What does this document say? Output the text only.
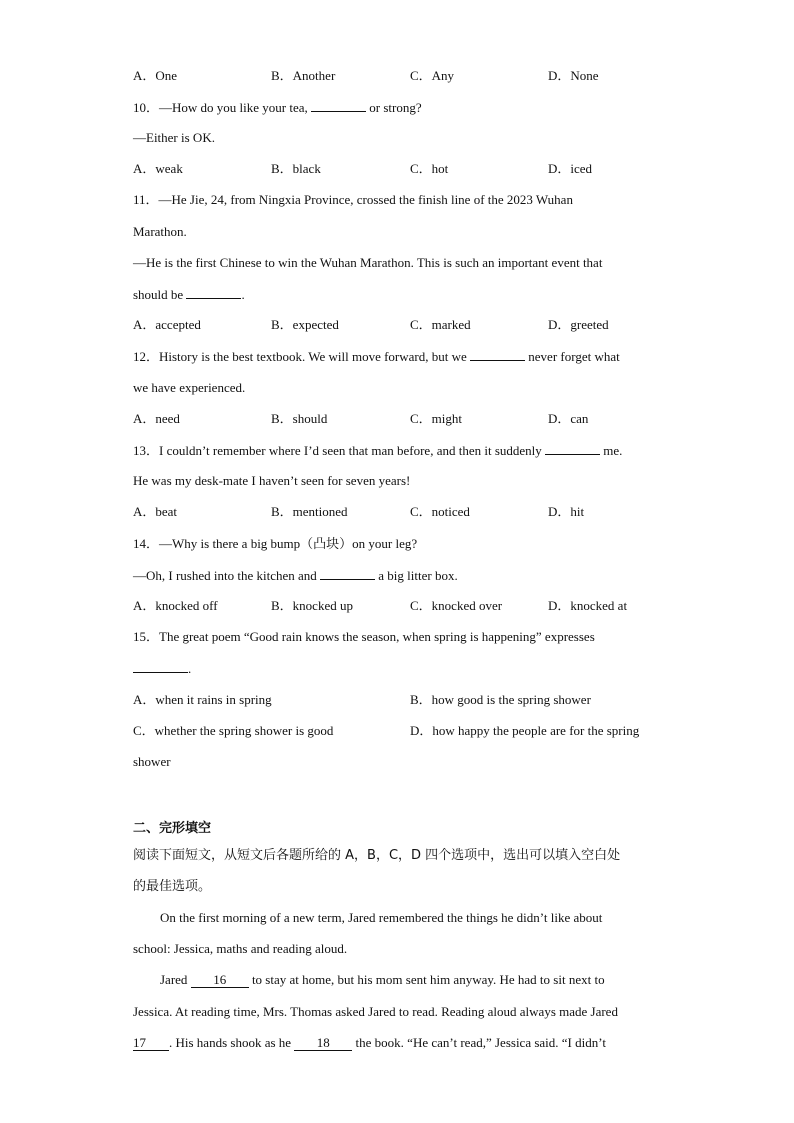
A．One	B．Another	C．Any	D．None
10．—How do you like your tea,	or strong?
—Either is OK.
A．weak	B．black	C．hot	D．iced
11．—He Jie, 24, from Ningxia Province, crossed the finish line of the 2023 Wuhan
Marathon.
—He is the first Chinese to win the Wuhan Marathon. This is such an important event that
should be	.
A．accepted	B．expected	C．marked	D．greeted
12．History is the best textbook. We will move forward, but we	never forget what
we have experienced.
A．need	B．should	C．might	D．can
13．I couldn’t remember where I’d seen that man before, and then it suddenly	me.
He was my desk-mate I haven’t seen for seven years!
A．beat	B．mentioned	C．noticed	D．hit
14．—Why is there a big bump（凸块）on your leg?
—Oh, I rushed into the kitchen and	a big litter box.
A．knocked off	B．knocked up	C．knocked over	D．knocked at
15．The great poem “Good rain knows the season, when spring is happening” expresses
.
A．when it rains in spring	B．how good is the spring shower
C．whether the spring shower is good	D．how happy the people are for the spring
shower
二、完形填空
阅读下面短文，从短文后各题所给的 A，B，C，D 四个选项中，选出可以填入空白处
的最佳选项。
On the first morning of a new term, Jared remembered the things he didn’t like about
school: Jessica, maths and reading aloud.
Jared 16 to stay at home, but his mom sent him anyway. He had to sit next to
Jessica. At reading time, Mrs. Thomas asked Jared to read. Reading aloud always made Jared
17 . His hands shook as he 18 the book. “He can’t read,” Jessica said. “I didn’t
